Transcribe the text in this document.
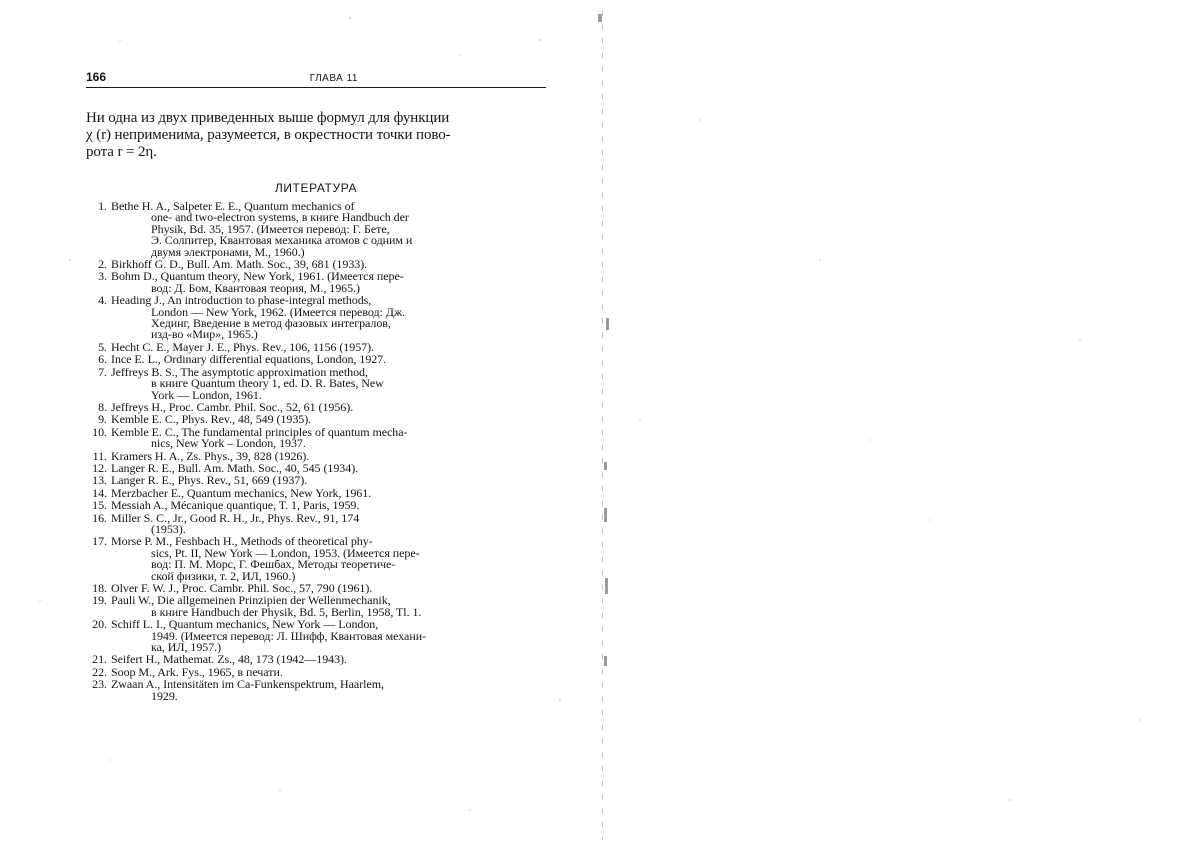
166	ГЛАВА 11
Ни одна из двух приведенных выше формул для функции
χ (r) неприменима, разумеется, в окрестности точки пово-
рота r = 2η.
ЛИТЕРАТУРА
1. Bethe H. A., Salpeter E. E., Quantum mechanics of
one- and two-electron systems, в книге Handbuch der
Physik, Bd. 35, 1957. (Имеется перевод: Г. Бете,
Э. Солпитер, Квантовая механика атомов с одним и
двумя электронами, М., 1960.)
2. Birkhoff G. D., Bull. Am. Math. Soc., 39, 681 (1933).
3. Bohm D., Quantum theory, New York, 1961. (Имеется пере-
вод: Д. Бом, Квантовая теория, М., 1965.)
4. Heading J., An introduction to phase-integral methods,
London — New York, 1962. (Имеется перевод: Дж.
Хединг, Введение в метод фазовых интегралов,
изд-во «Мир», 1965.)
5. Hecht C. E., Mayer J. E., Phys. Rev., 106, 1156 (1957).
6. Ince E. L., Ordinary differential equations, London, 1927.
7. Jeffreys B. S., The asymptotic approximation method,
в книге Quantum theory 1, ed. D. R. Bates, New
York — London, 1961.
8. Jeffreys H., Proc. Cambr. Phil. Soc., 52, 61 (1956).
9. Kemble E. C., Phys. Rev., 48, 549 (1935).
10. Kemble E. C., The fundamental principles of quantum mecha-
nics, New York – London, 1937.
11. Kramers H. A., Zs. Phys., 39, 828 (1926).
12. Langer R. E., Bull. Am. Math. Soc., 40, 545 (1934).
13. Langer R. E., Phys. Rev., 51, 669 (1937).
14. Merzbacher E., Quantum mechanics, New York, 1961.
15. Messiah A., Mécanique quantique, T. 1, Paris, 1959.
16. Miller S. C., Jr., Good R. H., Jr., Phys. Rev., 91, 174
(1953).
17. Morse P. M., Feshbach H., Methods of theoretical phy-
sics, Pt. II, New York — London, 1953. (Имеется пере-
вод: П. М. Морс, Г. Фешбах, Методы теоретиче-
ской физики, т. 2, ИЛ, 1960.)
18. Olver F. W. J., Proc. Cambr. Phil. Soc., 57, 790 (1961).
19. Pauli W., Die allgemeinen Prinzipien der Wellenmechanik,
в книге Handbuch der Physik, Bd. 5, Berlin, 1958, Tl. 1.
20. Schiff L. I., Quantum mechanics, New York — London,
1949. (Имеется перевод: Л. Шифф, Квантовая механи-
ка, ИЛ, 1957.)
21. Seifert H., Mathemat. Zs., 48, 173 (1942—1943).
22. Soop M., Ark. Fys., 1965, в печати.
23. Zwaan A., Intensitäten im Ca-Funkenspektrum, Haarlem,
1929.
